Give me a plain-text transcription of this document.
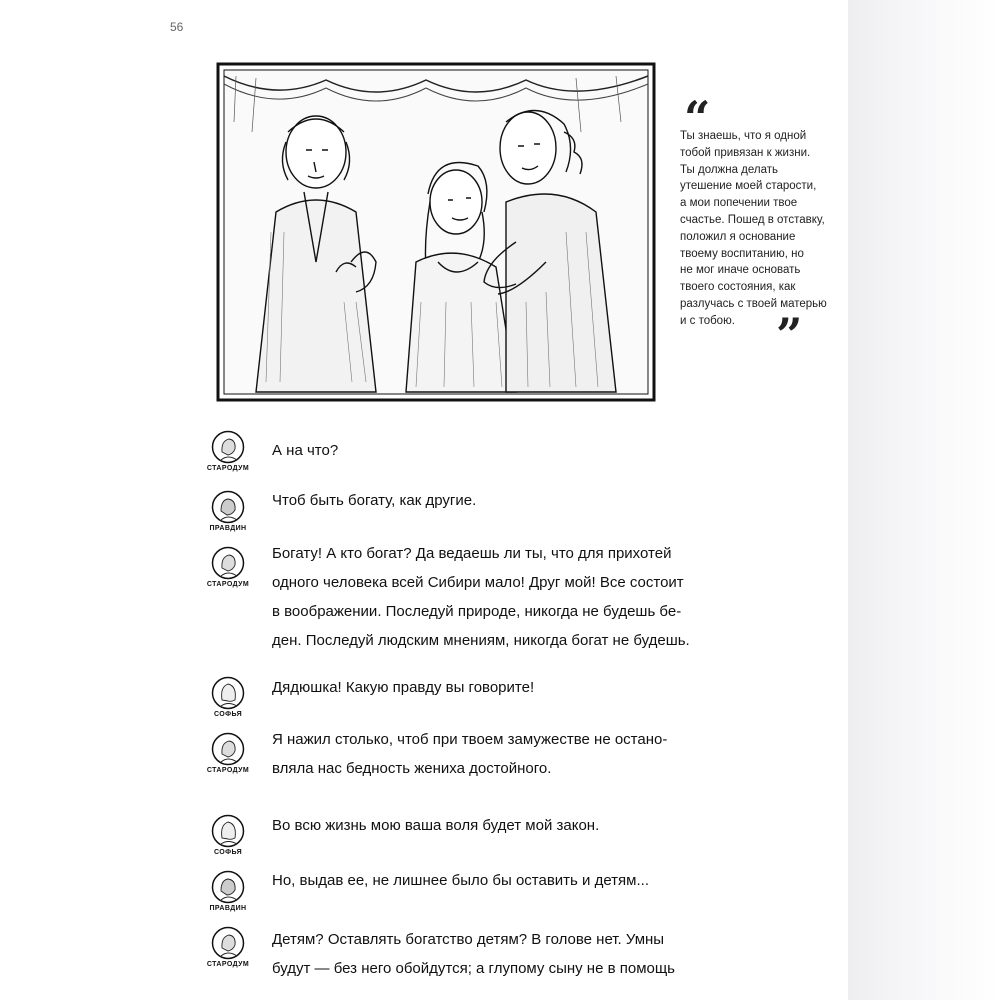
56
“
Ты знаешь, что я одной
тобой привязан к жизни.
Ты должна делать
утешение моей старости,
а мои попечении твое
счастье. Пошед в отставку,
положил я основание
твоему воспитанию, но
не мог иначе основать
твоего состояния, как
разлучась с твоей матерью
и с тобою. ”
СТАРОДУМ
А на что?
ПРАВДИН
Чтоб быть богату, как другие.
СТАРОДУМ
Богату! А кто богат? Да ведаешь ли ты, что для прихотей
одного человека всей Сибири мало! Друг мой! Все состоит
в воображении. Последуй природе, никогда не будешь бе-
ден. Последуй людским мнениям, никогда богат не будешь.
СОФЬЯ
Дядюшка! Какую правду вы говорите!
СТАРОДУМ
Я нажил столько, чтоб при твоем замужестве не остано-
вляла нас бедность жениха достойного.
СОФЬЯ
Во всю жизнь мою ваша воля будет мой закон.
ПРАВДИН
Но, выдав ее, не лишнее было бы оставить и детям...
СТАРОДУМ
Детям? Оставлять богатство детям? В голове нет. Умны
будут — без него обойдутся; а глупому сыну не в помощь
